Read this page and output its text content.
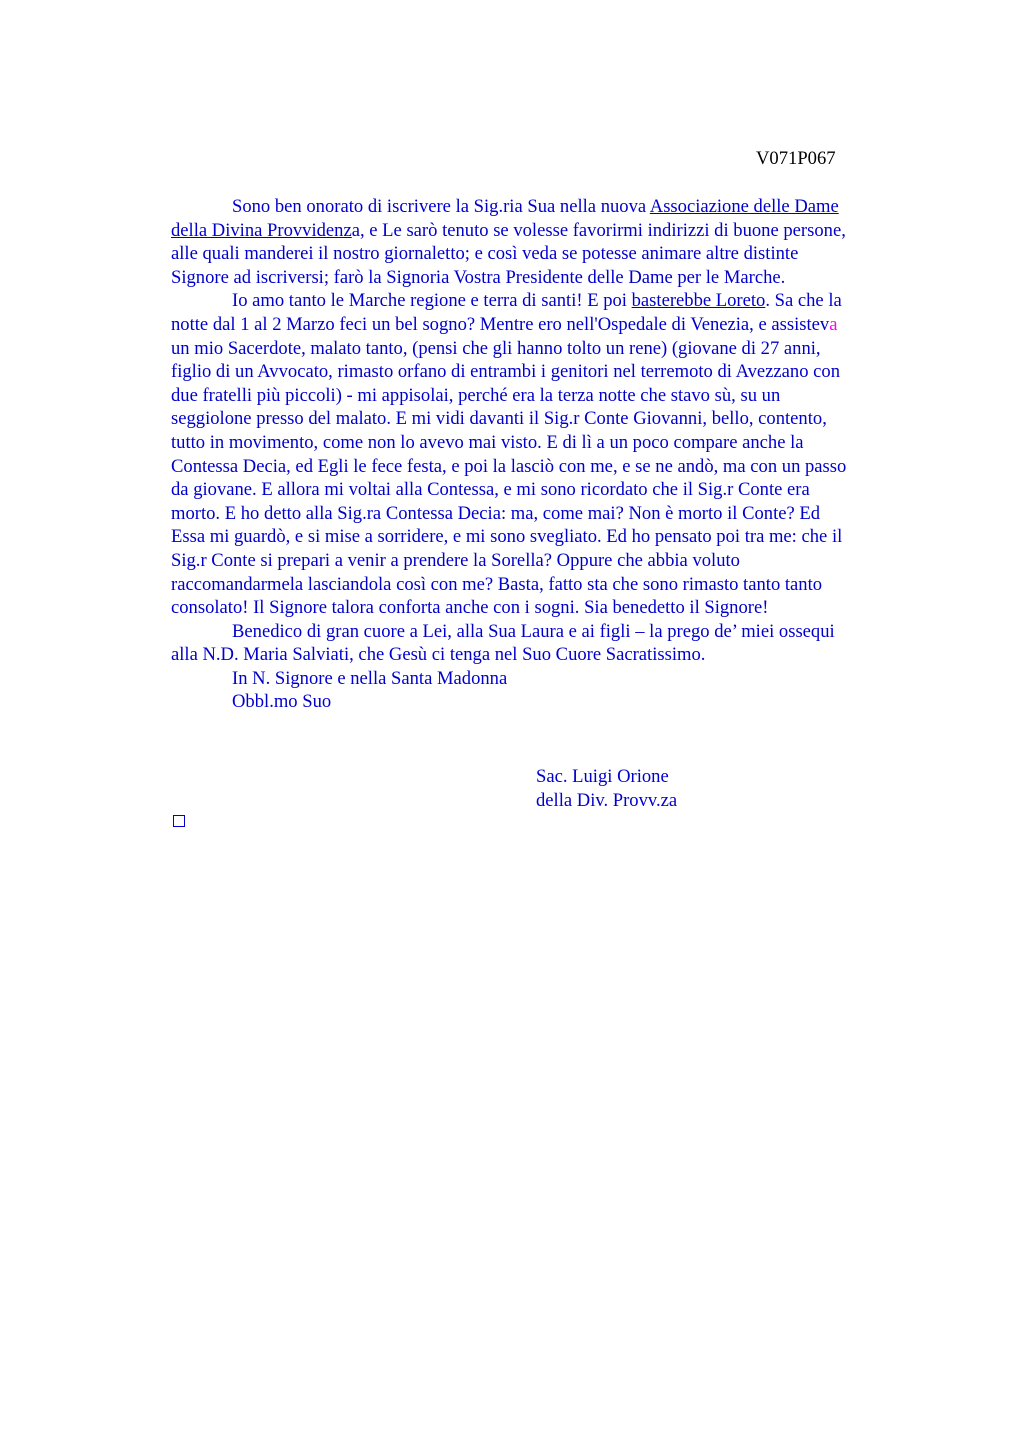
V071P067
Sono ben onorato di iscrivere la Sig.ria Sua nella nuova Associazione delle Dame
della Divina Provvidenza, e Le sarò tenuto se volesse favorirmi indirizzi di buone persone,
alle quali manderei il nostro giornaletto; e così veda se potesse animare altre distinte
Signore ad iscriversi; farò la Signoria Vostra Presidente delle Dame per le Marche.
Io amo tanto le Marche regione e terra di santi! E poi basterebbe Loreto. Sa che la
notte dal 1 al 2 Marzo feci un bel sogno? Mentre ero nell'Ospedale di Venezia, e assisteva
un mio Sacerdote, malato tanto, (pensi che gli hanno tolto un rene) (giovane di 27 anni,
figlio di un Avvocato, rimasto orfano di entrambi i genitori nel terremoto di Avezzano con
due fratelli più piccoli) - mi appisolai, perché era la terza notte che stavo sù, su un
seggiolone presso del malato. E mi vidi davanti il Sig.r Conte Giovanni, bello, contento,
tutto in movimento, come non lo avevo mai visto. E di lì a un poco compare anche la
Contessa Decia, ed Egli le fece festa, e poi la lasciò con me, e se ne andò, ma con un passo
da giovane. E allora mi voltai alla Contessa, e mi sono ricordato che il Sig.r Conte era
morto. E ho detto alla Sig.ra Contessa Decia: ma, come mai? Non è morto il Conte? Ed
Essa mi guardò, e si mise a sorridere, e mi sono svegliato. Ed ho pensato poi tra me: che il
Sig.r Conte si prepari a venir a prendere la Sorella? Oppure che abbia voluto
raccomandarmela lasciandola così con me? Basta, fatto sta che sono rimasto tanto tanto
consolato! Il Signore talora conforta anche con i sogni. Sia benedetto il Signore!
Benedico di gran cuore a Lei, alla Sua Laura e ai figli – la prego de’ miei ossequi
alla N.D. Maria Salviati, che Gesù ci tenga nel Suo Cuore Sacratissimo.
In N. Signore e nella Santa Madonna
Obbl.mo Suo
Sac. Luigi Orione
della Div. Provv.za
